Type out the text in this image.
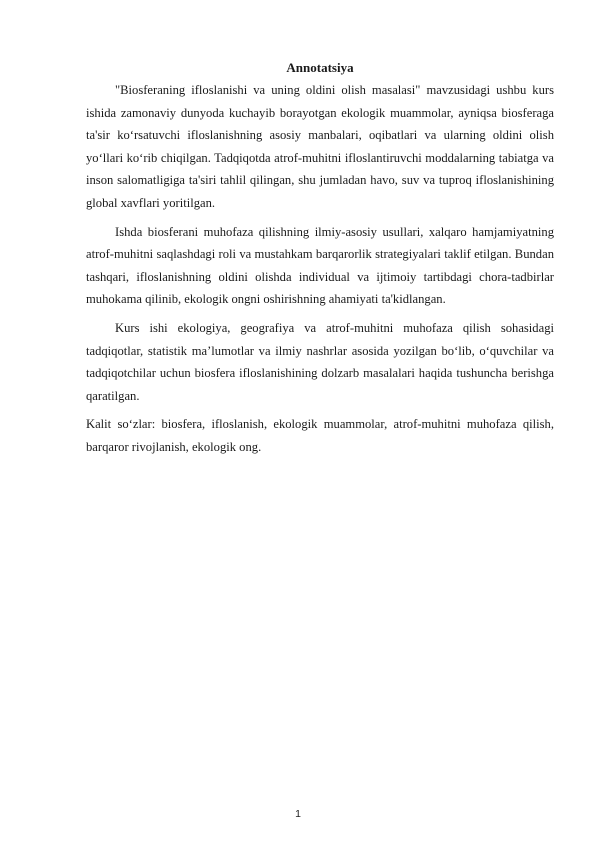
Annotatsiya

"Biosferaning ifloslanishi va uning oldini olish masalasi" mavzusidagi ushbu kurs ishida zamonaviy dunyoda kuchayib borayotgan ekologik muammolar, ayniqsa biosferaga ta'sir ko‘rsatuvchi ifloslanishning asosiy manbalari, oqibatlari va ularning oldini olish yo‘llari ko‘rib chiqilgan. Tadqiqotda atrof-muhitni ifloslantiruvchi moddalarning tabiatga va inson salomatligiga ta'siri tahlil qilingan, shu jumladan havo, suv va tuproq ifloslanishining global xavflari yoritilgan.

Ishda biosferani muhofaza qilishning ilmiy-asosiy usullari, xalqaro hamjamiyatning atrof-muhitni saqlashdagi roli va mustahkam barqarorlik strategiyalari taklif etilgan. Bundan tashqari, ifloslanishning oldini olishda individual va ijtimoiy tartibdagi chora-tadbirlar muhokama qilinib, ekologik ongni oshirishning ahamiyati ta'kidlangan.

Kurs ishi ekologiya, geografiya va atrof-muhitni muhofaza qilish sohasidagi tadqiqotlar, statistik ma’lumotlar va ilmiy nashrlar asosida yozilgan bo‘lib, o‘quvchilar va tadqiqotchilar uchun biosfera ifloslanishining dolzarb masalalari haqida tushuncha berishga qaratilgan.

Kalit so‘zlar: biosfera, ifloslanish, ekologik muammolar, atrof-muhitni muhofaza qilish, barqaror rivojlanish, ekologik ong.

1
